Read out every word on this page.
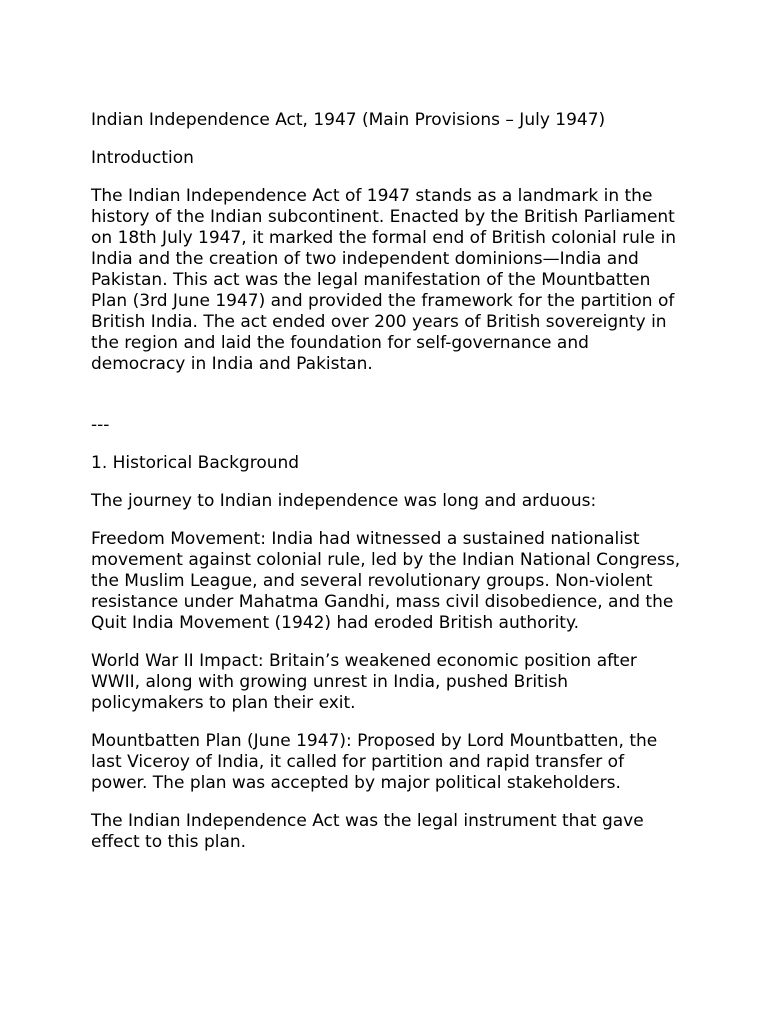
Indian Independence Act, 1947 (Main Provisions – July 1947)

Introduction

The Indian Independence Act of 1947 stands as a landmark in the history of the Indian subcontinent. Enacted by the British Parliament on 18th July 1947, it marked the formal end of British colonial rule in India and the creation of two independent dominions—India and Pakistan. This act was the legal manifestation of the Mountbatten Plan (3rd June 1947) and provided the framework for the partition of British India. The act ended over 200 years of British sovereignty in the region and laid the foundation for self-governance and democracy in India and Pakistan.

---

1. Historical Background

The journey to Indian independence was long and arduous:

Freedom Movement: India had witnessed a sustained nationalist movement against colonial rule, led by the Indian National Congress, the Muslim League, and several revolutionary groups. Non-violent resistance under Mahatma Gandhi, mass civil disobedience, and the Quit India Movement (1942) had eroded British authority.

World War II Impact: Britain’s weakened economic position after WWII, along with growing unrest in India, pushed British policymakers to plan their exit.

Mountbatten Plan (June 1947): Proposed by Lord Mountbatten, the last Viceroy of India, it called for partition and rapid transfer of power. The plan was accepted by major political stakeholders.

The Indian Independence Act was the legal instrument that gave effect to this plan.
